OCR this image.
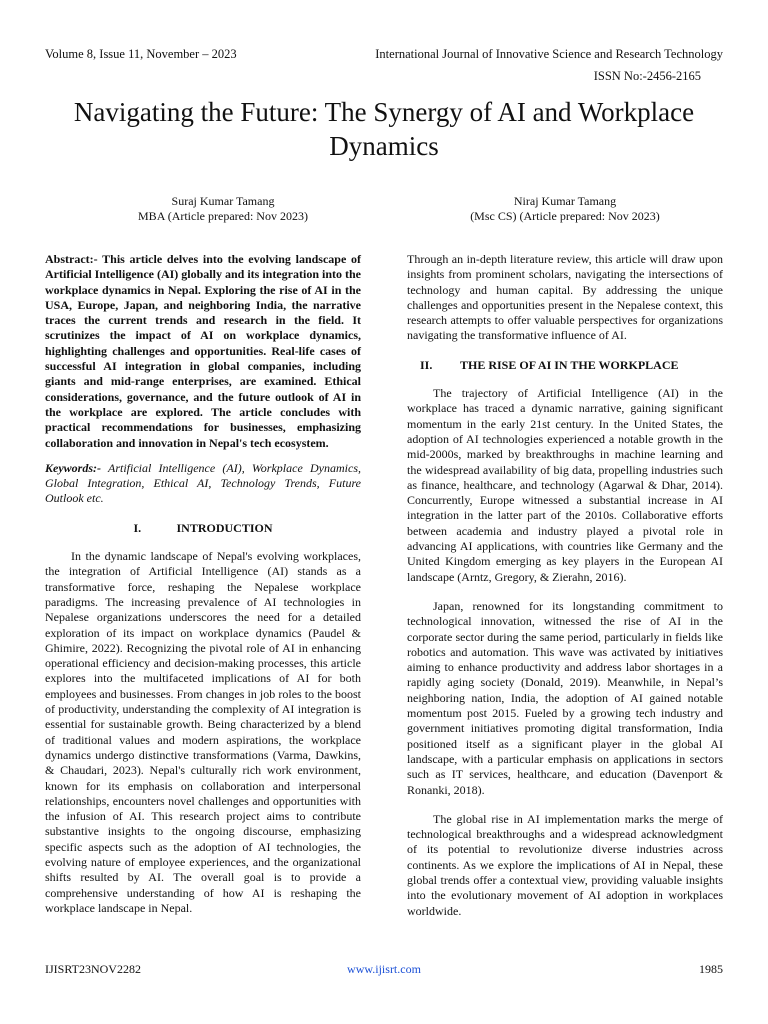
Volume 8, Issue 11, November – 2023	International Journal of Innovative Science and Research Technology
ISSN No:-2456-2165
Navigating the Future: The Synergy of AI and Workplace Dynamics
Suraj Kumar Tamang
MBA (Article prepared: Nov 2023)
Niraj Kumar Tamang
(Msc CS) (Article prepared: Nov 2023)

Abstract:- This article delves into the evolving landscape of Artificial Intelligence (AI) globally and its integration into the workplace dynamics in Nepal. Exploring the rise of AI in the USA, Europe, Japan, and neighboring India, the narrative traces the current trends and research in the field. It scrutinizes the impact of AI on workplace dynamics, highlighting challenges and opportunities. Real-life cases of successful AI integration in global companies, including giants and mid-range enterprises, are examined. Ethical considerations, governance, and the future outlook of AI in the workplace are explored. The article concludes with practical recommendations for businesses, emphasizing collaboration and innovation in Nepal's tech ecosystem.

Keywords:- Artificial Intelligence (AI), Workplace Dynamics, Global Integration, Ethical AI, Technology Trends, Future Outlook etc.

I.	INTRODUCTION

In the dynamic landscape of Nepal's evolving workplaces, the integration of Artificial Intelligence (AI) stands as a transformative force, reshaping the Nepalese workplace paradigms. The increasing prevalence of AI technologies in Nepalese organizations underscores the need for a detailed exploration of its impact on workplace dynamics (Paudel & Ghimire, 2022). Recognizing the pivotal role of AI in enhancing operational efficiency and decision-making processes, this article explores into the multifaceted implications of AI for both employees and businesses. From changes in job roles to the boost of productivity, understanding the complexity of AI integration is essential for sustainable growth. Being characterized by a blend of traditional values and modern aspirations, the workplace dynamics undergo distinctive transformations (Varma, Dawkins, & Chaudari, 2023). Nepal's culturally rich work environment, known for its emphasis on collaboration and interpersonal relationships, encounters novel challenges and opportunities with the infusion of AI. This research project aims to contribute substantive insights to the ongoing discourse, emphasizing specific aspects such as the adoption of AI technologies, the evolving nature of employee experiences, and the organizational shifts resulted by AI. The overall goal is to provide a comprehensive understanding of how AI is reshaping the workplace landscape in Nepal.

Through an in-depth literature review, this article will draw upon insights from prominent scholars, navigating the intersections of technology and human capital. By addressing the unique challenges and opportunities present in the Nepalese context, this research attempts to offer valuable perspectives for organizations navigating the transformative influence of AI.

II. THE RISE OF AI IN THE WORKPLACE

The trajectory of Artificial Intelligence (AI) in the workplace has traced a dynamic narrative, gaining significant momentum in the early 21st century. In the United States, the adoption of AI technologies experienced a notable growth in the mid-2000s, marked by breakthroughs in machine learning and the widespread availability of big data, propelling industries such as finance, healthcare, and technology (Agarwal & Dhar, 2014). Concurrently, Europe witnessed a substantial increase in AI integration in the latter part of the 2010s. Collaborative efforts between academia and industry played a pivotal role in advancing AI applications, with countries like Germany and the United Kingdom emerging as key players in the European AI landscape (Arntz, Gregory, & Zierahn, 2016).

Japan, renowned for its longstanding commitment to technological innovation, witnessed the rise of AI in the corporate sector during the same period, particularly in fields like robotics and automation. This wave was activated by initiatives aiming to enhance productivity and address labor shortages in a rapidly aging society (Donald, 2019). Meanwhile, in Nepal’s neighboring nation, India, the adoption of AI gained notable momentum post 2015. Fueled by a growing tech industry and government initiatives promoting digital transformation, India positioned itself as a significant player in the global AI landscape, with a particular emphasis on applications in sectors such as IT services, healthcare, and education (Davenport & Ronanki, 2018).

The global rise in AI implementation marks the merge of technological breakthroughs and a widespread acknowledgment of its potential to revolutionize diverse industries across continents. As we explore the implications of AI in Nepal, these global trends offer a contextual view, providing valuable insights into the evolutionary movement of AI adoption in workplaces worldwide.

IJISRT23NOV2282	www.ijisrt.com	1985
